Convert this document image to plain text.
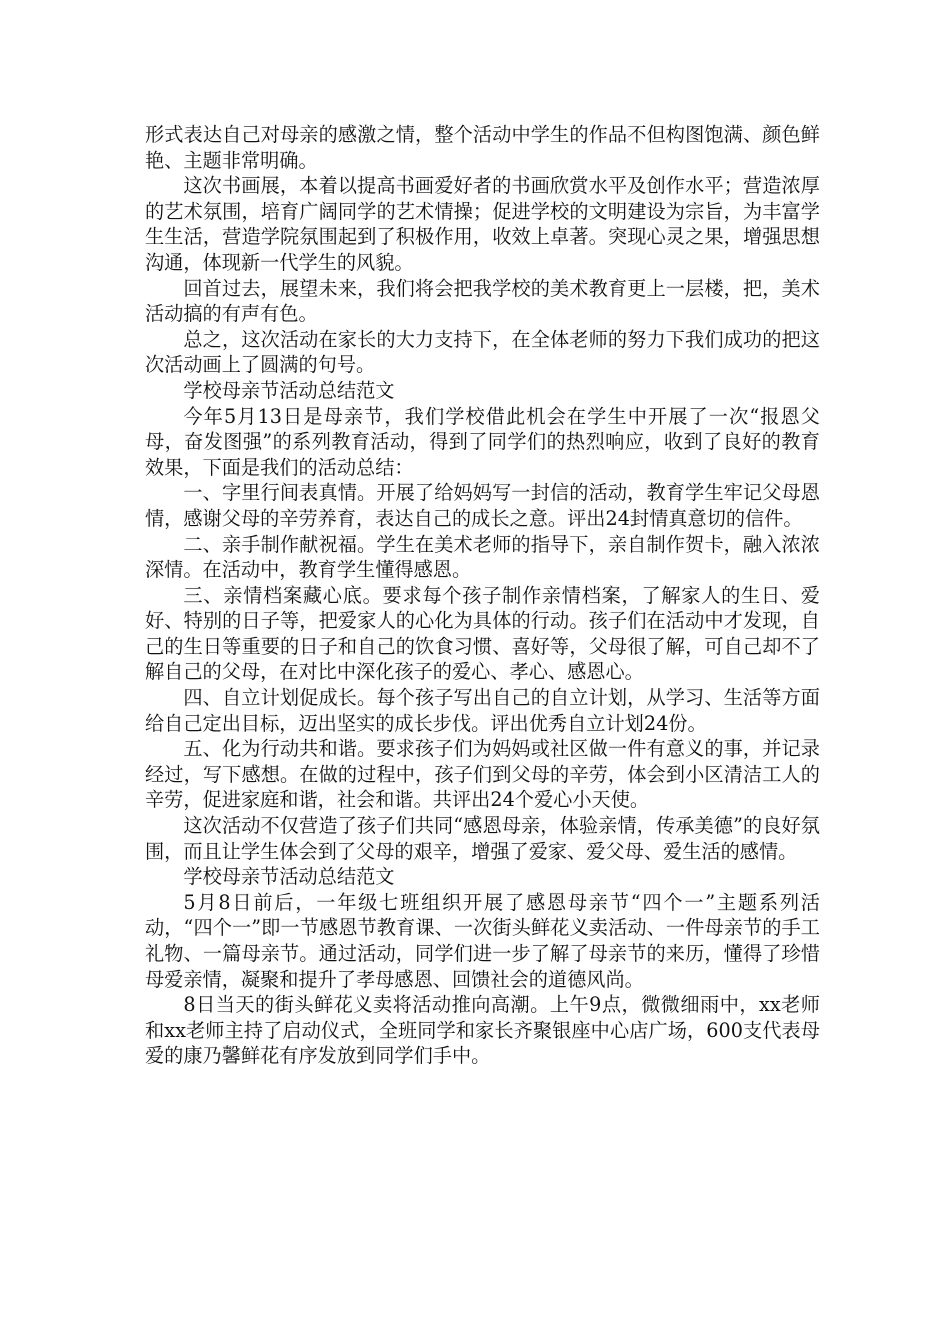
形式表达自己对母亲的感激之情，整个活动中学生的作品不但构图饱满、颜色鲜艳、主题非常明确。

这次书画展，本着以提高书画爱好者的书画欣赏水平及创作水平；营造浓厚的艺术氛围，培育广阔同学的艺术情操；促进学校的文明建设为宗旨，为丰富学生生活，营造学院氛围起到了积极作用，收效上卓著。突现心灵之果，增强思想沟通，体现新一代学生的风貌。

回首过去，展望未来，我们将会把我学校的美术教育更上一层楼，把，美术活动搞的有声有色。

总之，这次活动在家长的大力支持下，在全体老师的努力下我们成功的把这次活动画上了圆满的句号。

学校母亲节活动总结范文

今年5月13日是母亲节，我们学校借此机会在学生中开展了一次“报恩父母，奋发图强”的系列教育活动，得到了同学们的热烈响应，收到了良好的教育效果，下面是我们的活动总结：

一、字里行间表真情。开展了给妈妈写一封信的活动，教育学生牢记父母恩情，感谢父母的辛劳养育，表达自己的成长之意。评出24封情真意切的信件。

二、亲手制作献祝福。学生在美术老师的指导下，亲自制作贺卡，融入浓浓深情。在活动中，教育学生懂得感恩。

三、亲情档案藏心底。要求每个孩子制作亲情档案，了解家人的生日、爱好、特别的日子等，把爱家人的心化为具体的行动。孩子们在活动中才发现，自己的生日等重要的日子和自己的饮食习惯、喜好等，父母很了解，可自己却不了解自己的父母，在对比中深化孩子的爱心、孝心、感恩心。

四、自立计划促成长。每个孩子写出自己的自立计划，从学习、生活等方面给自己定出目标，迈出坚实的成长步伐。评出优秀自立计划24份。

五、化为行动共和谐。要求孩子们为妈妈或社区做一件有意义的事，并记录经过，写下感想。在做的过程中，孩子们到父母的辛劳，体会到小区清洁工人的辛劳，促进家庭和谐，社会和谐。共评出24个爱心小天使。

这次活动不仅营造了孩子们共同“感恩母亲，体验亲情，传承美德”的良好氛围，而且让学生体会到了父母的艰辛，增强了爱家、爱父母、爱生活的感情。

学校母亲节活动总结范文

5月8日前后，一年级七班组织开展了感恩母亲节“四个一”主题系列活动，“四个一”即一节感恩节教育课、一次街头鲜花义卖活动、一件母亲节的手工礼物、一篇母亲节。通过活动，同学们进一步了解了母亲节的来历，懂得了珍惜母爱亲情，凝聚和提升了孝母感恩、回馈社会的道德风尚。

8日当天的街头鲜花义卖将活动推向高潮。上午9点，微微细雨中，xx老师和xx老师主持了启动仪式，全班同学和家长齐聚银座中心店广场，600支代表母爱的康乃馨鲜花有序发放到同学们手中。
